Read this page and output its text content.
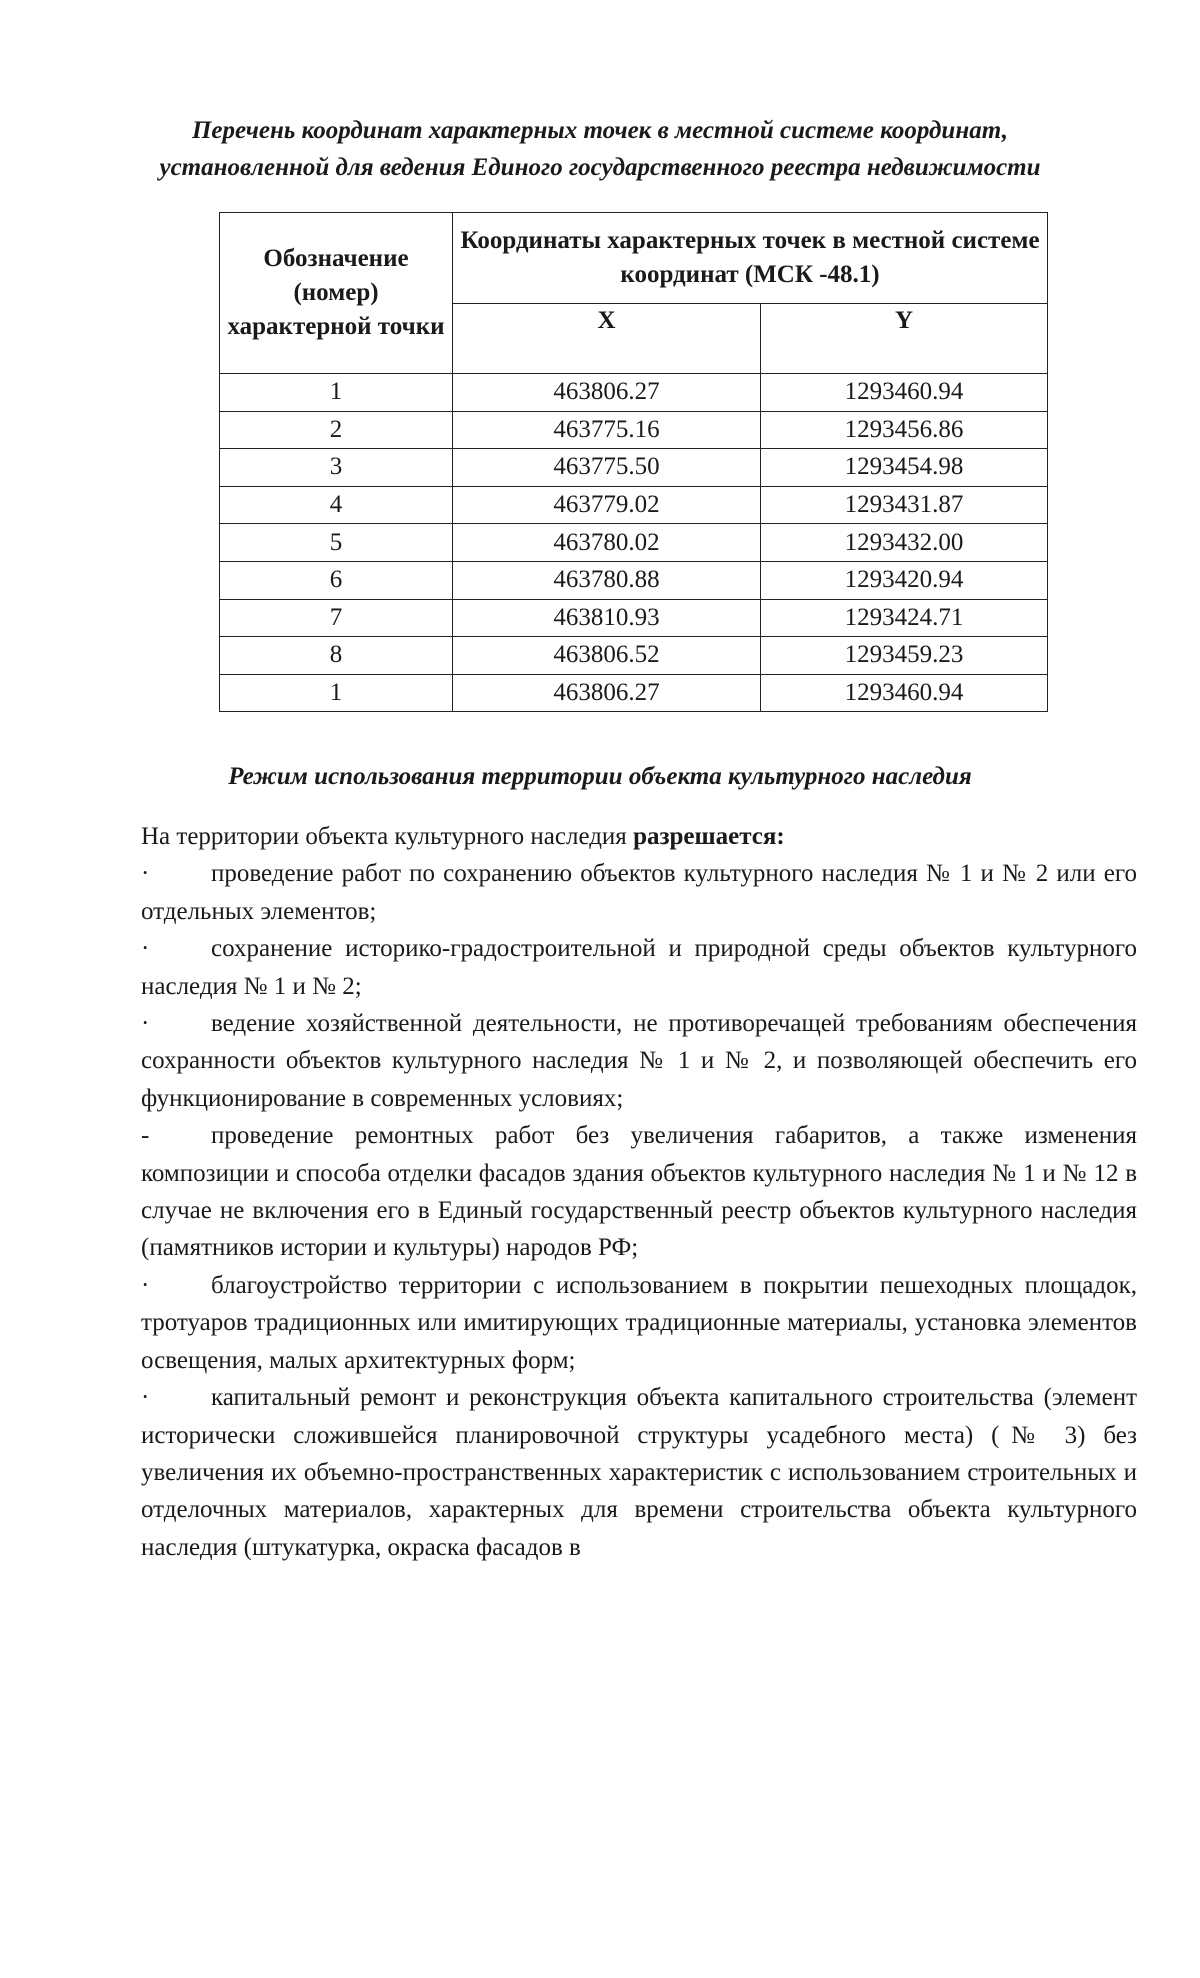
Перечень координат характерных точек в местной системе координат,
установленной для ведения Единого государственного реестра недвижимости
Обозначение (номер) характерной точки	Координаты характерных точек в местной системе координат (МСК -48.1)	
	X	Y
1	463806.27	1293460.94
2	463775.16	1293456.86
3	463775.50	1293454.98
4	463779.02	1293431.87
5	463780.02	1293432.00
6	463780.88	1293420.94
7	463810.93	1293424.71
8	463806.52	1293459.23
1	463806.27	1293460.94
Режим использования территории объекта культурного наследия

На территории объекта культурного наследия разрешается:

·	проведение работ по сохранению объектов культурного наследия № 1 и № 2 или его отдельных элементов;

·	сохранение историко-градостроительной и природной среды объектов культурного наследия № 1 и № 2;

·	ведение хозяйственной деятельности, не противоречащей требованиям обеспечения сохранности объектов культурного наследия № 1 и № 2, и позволяющей обеспечить его функционирование в современных условиях;

-	проведение ремонтных работ без увеличения габаритов, а также изменения композиции и способа отделки фасадов здания объектов культурного наследия № 1 и № 12 в случае не включения его в Единый государственный реестр объектов культурного наследия (памятников истории и культуры) народов РФ;

·	благоустройство территории с использованием в покрытии пешеходных площадок, тротуаров традиционных или имитирующих традиционные материалы, установка элементов освещения, малых архитектурных форм;

·	капитальный ремонт и реконструкция объекта капитального строительства (элемент исторически сложившейся планировочной структуры усадебного места) (№ 3) без увеличения их объемно-пространственных характеристик с использованием строительных и отделочных материалов, характерных для времени строительства объекта культурного наследия (штукатурка, окраска фасадов в
